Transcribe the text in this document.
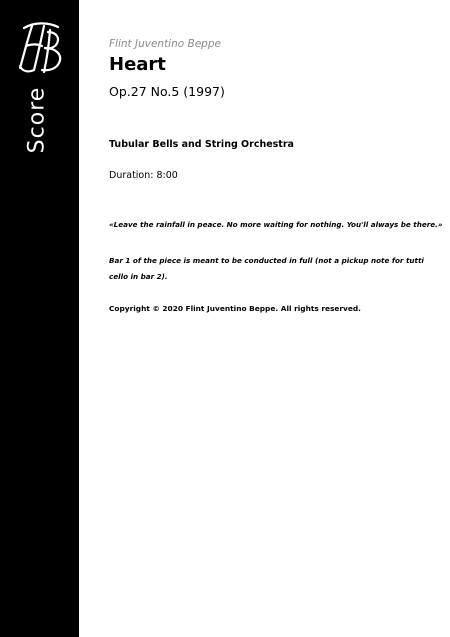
Score
Flint Juventino Beppe
Heart
Op.27 No.5 (1997)
Tubular Bells and String Orchestra
Duration: 8:00
«Leave the rainfall in peace. No more waiting for nothing. You'll always be there.»
Bar 1 of the piece is meant to be conducted in full (not a pickup note for tutti cello in bar 2).
Copyright © 2020 Flint Juventino Beppe. All rights reserved.
